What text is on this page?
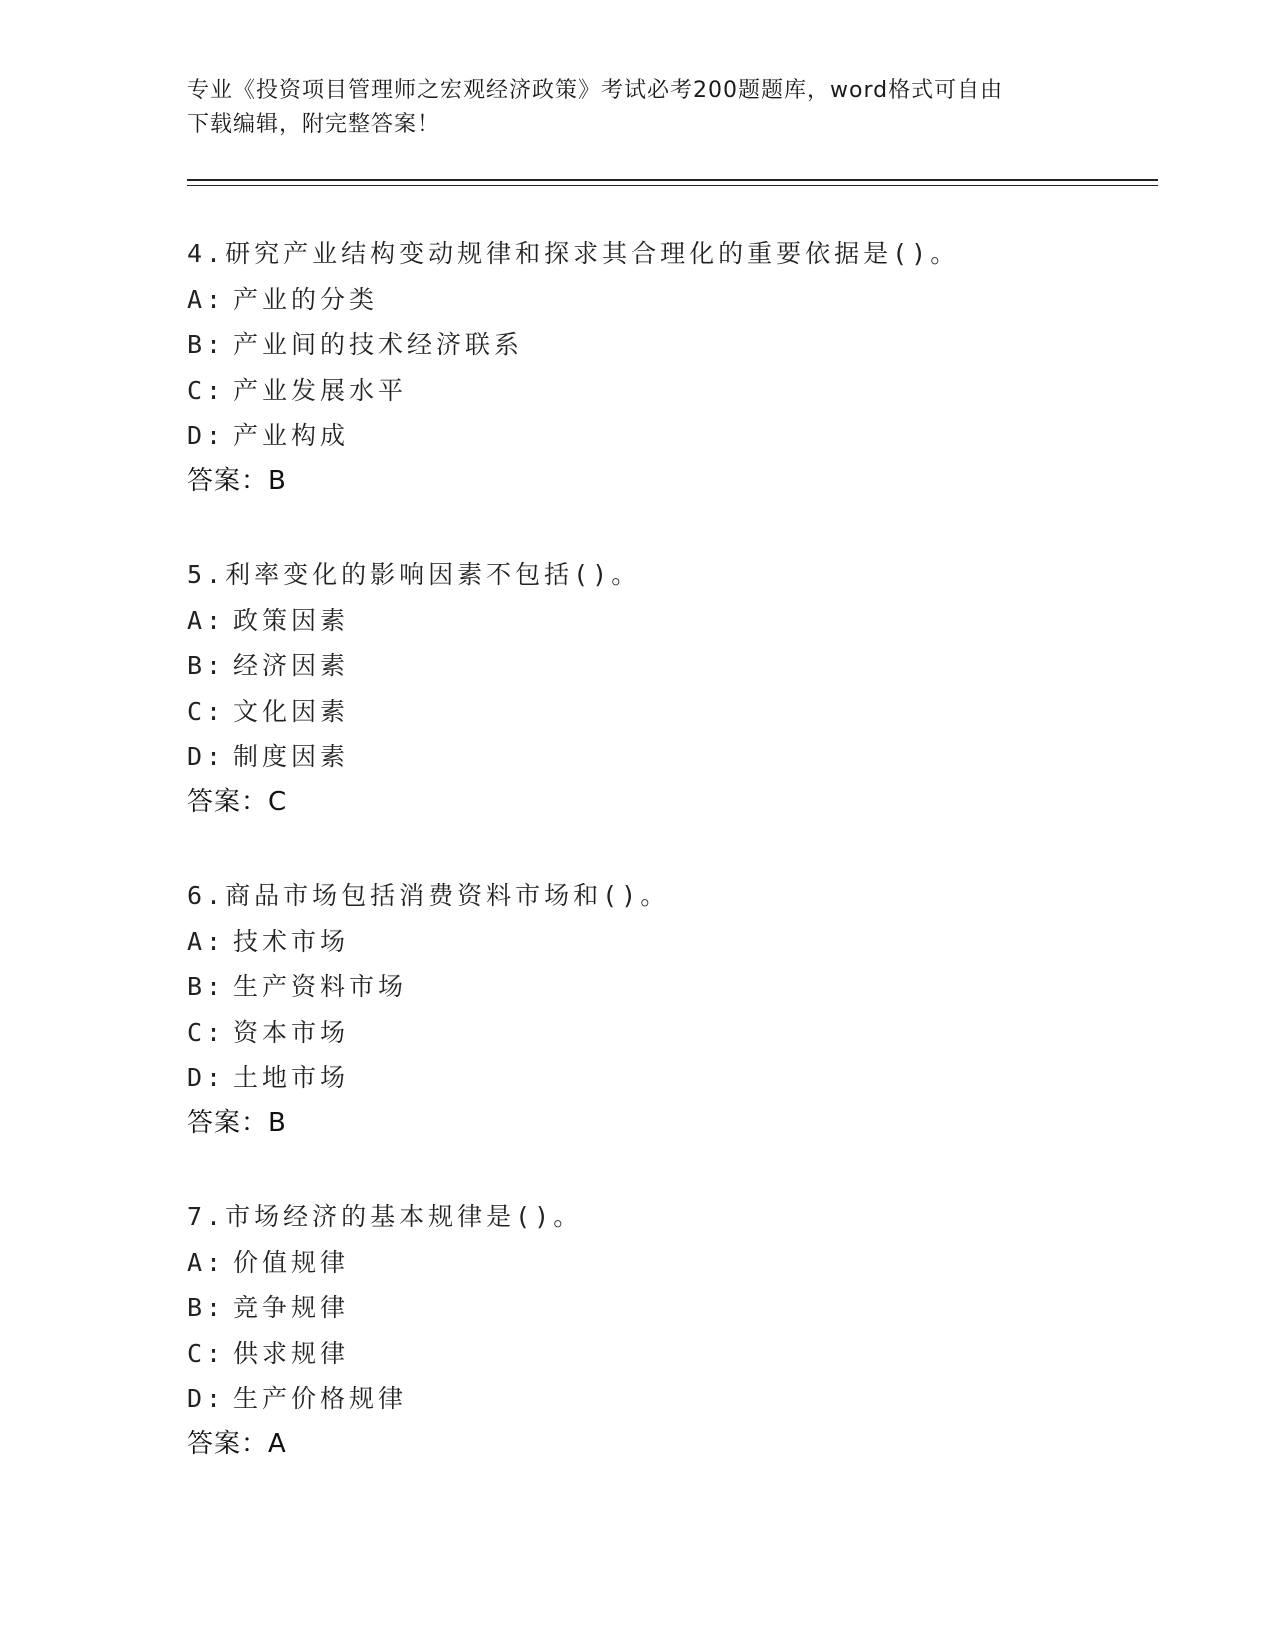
专业《投资项目管理师之宏观经济政策》考试必考200题题库，word格式可自由
下载编辑，附完整答案！
4.研究产业结构变动规律和探求其合理化的重要依据是()。
A: 产业的分类
B: 产业间的技术经济联系
C: 产业发展水平
D: 产业构成
答案：B
5.利率变化的影响因素不包括()。
A: 政策因素
B: 经济因素
C: 文化因素
D: 制度因素
答案：C
6.商品市场包括消费资料市场和()。
A: 技术市场
B: 生产资料市场
C: 资本市场
D: 土地市场
答案：B
7.市场经济的基本规律是()。
A: 价值规律
B: 竞争规律
C: 供求规律
D: 生产价格规律
答案：A
